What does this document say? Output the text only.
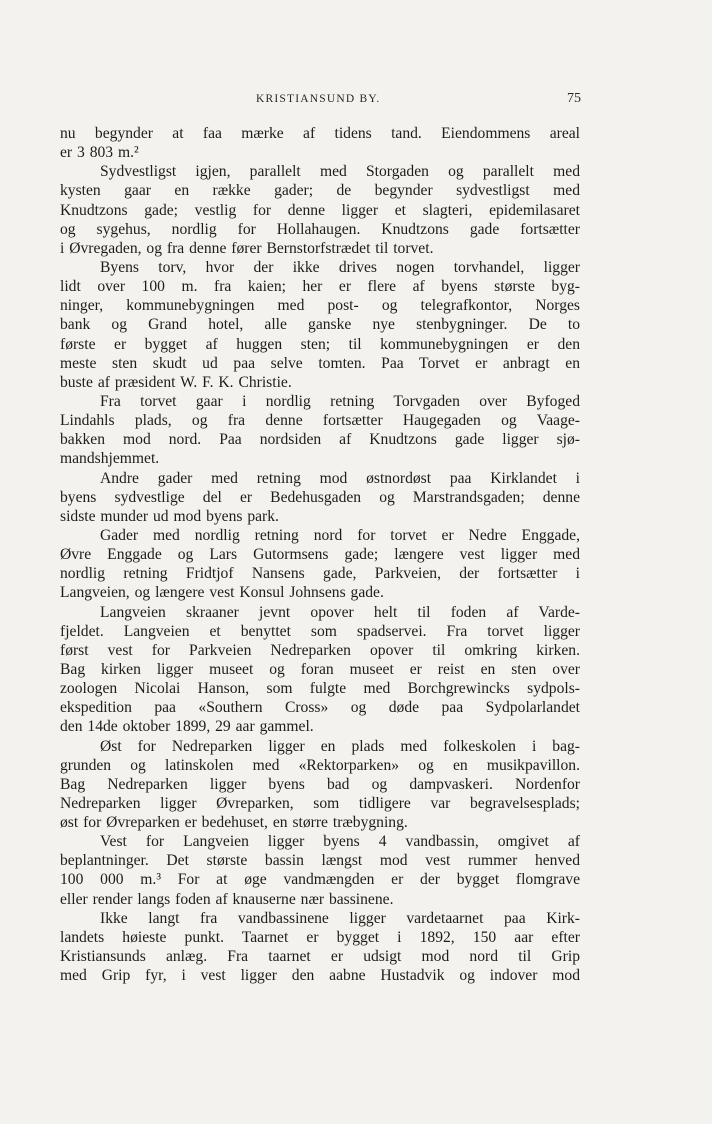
KRISTIANSUND BY.	75
nu begynder at faa mærke af tidens tand. Eiendommens areal
er 3 803 m.²
Sydvestligst igjen, parallelt med Storgaden og parallelt med
kysten gaar en række gader; de begynder sydvestligst med
Knudtzons gade; vestlig for denne ligger et slagteri, epidemilasaret
og sygehus, nordlig for Hollahaugen. Knudtzons gade fortsætter
i Øvregaden, og fra denne fører Bernstorfstrædet til torvet.
Byens torv, hvor der ikke drives nogen torvhandel, ligger
lidt over 100 m. fra kaien; her er flere af byens største byg-
ninger, kommunebygningen med post- og telegrafkontor, Norges
bank og Grand hotel, alle ganske nye stenbygninger. De to
første er bygget af huggen sten; til kommunebygningen er den
meste sten skudt ud paa selve tomten. Paa Torvet er anbragt en
buste af præsident W. F. K. Christie.
Fra torvet gaar i nordlig retning Torvgaden over Byfoged
Lindahls plads, og fra denne fortsætter Haugegaden og Vaage-
bakken mod nord. Paa nordsiden af Knudtzons gade ligger sjø-
mandshjemmet.
Andre gader med retning mod østnordøst paa Kirklandet i
byens sydvestlige del er Bedehusgaden og Marstrandsgaden; denne
sidste munder ud mod byens park.
Gader med nordlig retning nord for torvet er Nedre Enggade,
Øvre Enggade og Lars Gutormsens gade; længere vest ligger med
nordlig retning Fridtjof Nansens gade, Parkveien, der fortsætter i
Langveien, og længere vest Konsul Johnsens gade.
Langveien skraaner jevnt opover helt til foden af Varde-
fjeldet. Langveien et benyttet som spadservei. Fra torvet ligger
først vest for Parkveien Nedreparken opover til omkring kirken.
Bag kirken ligger museet og foran museet er reist en sten over
zoologen Nicolai Hanson, som fulgte med Borchgrewincks sydpols-
ekspedition paa «Southern Cross» og døde paa Sydpolarlandet
den 14de oktober 1899, 29 aar gammel.
Øst for Nedreparken ligger en plads med folkeskolen i bag-
grunden og latinskolen med «Rektorparken» og en musikpavillon.
Bag Nedreparken ligger byens bad og dampvaskeri. Nordenfor
Nedreparken ligger Øvreparken, som tidligere var begravelsesplads;
øst for Øvreparken er bedehuset, en større træbygning.
Vest for Langveien ligger byens 4 vandbassin, omgivet af
beplantninger. Det største bassin længst mod vest rummer henved
100 000 m.³ For at øge vandmængden er der bygget flomgrave
eller render langs foden af knauserne nær bassinene.
Ikke langt fra vandbassinene ligger vardetaarnet paa Kirk-
landets høieste punkt. Taarnet er bygget i 1892, 150 aar efter
Kristiansunds anlæg. Fra taarnet er udsigt mod nord til Grip
med Grip fyr, i vest ligger den aabne Hustadvik og indover mod
